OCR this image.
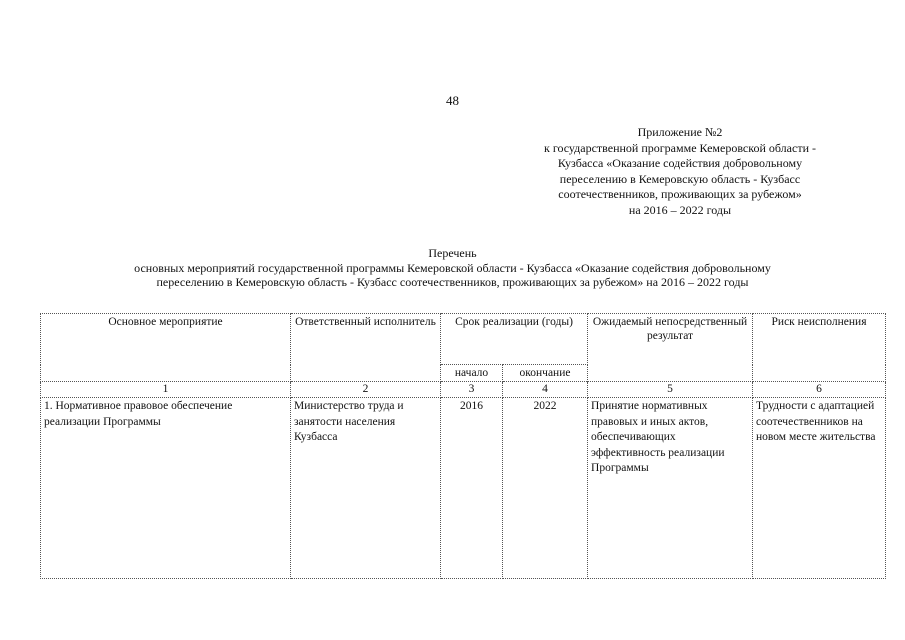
48
Приложение №2
к государственной программе Кемеровской области -
Кузбасса «Оказание содействия добровольному
переселению в Кемеровскую область - Кузбасс
соотечественников, проживающих за рубежом»
на 2016 – 2022 годы
Перечень
основных мероприятий государственной программы Кемеровской области - Кузбасса «Оказание содействия добровольному
переселению в Кемеровскую область - Кузбасс соотечественников, проживающих за рубежом» на 2016 – 2022 годы
Основное мероприятие	Ответственный исполнитель	Срок реализации (годы)		Ожидаемый непосредственный результат	Риск неисполнения
		начало	окончание		
1	2	3	4	5	6
1. Нормативное правовое обеспечение реализации Программы	Министерство труда и занятости населения Кузбасса	2016	2022	Принятие нормативных правовых и иных актов, обеспечивающих эффективность реализации Программы	Трудности с адаптацией соотечественников на новом месте жительства
